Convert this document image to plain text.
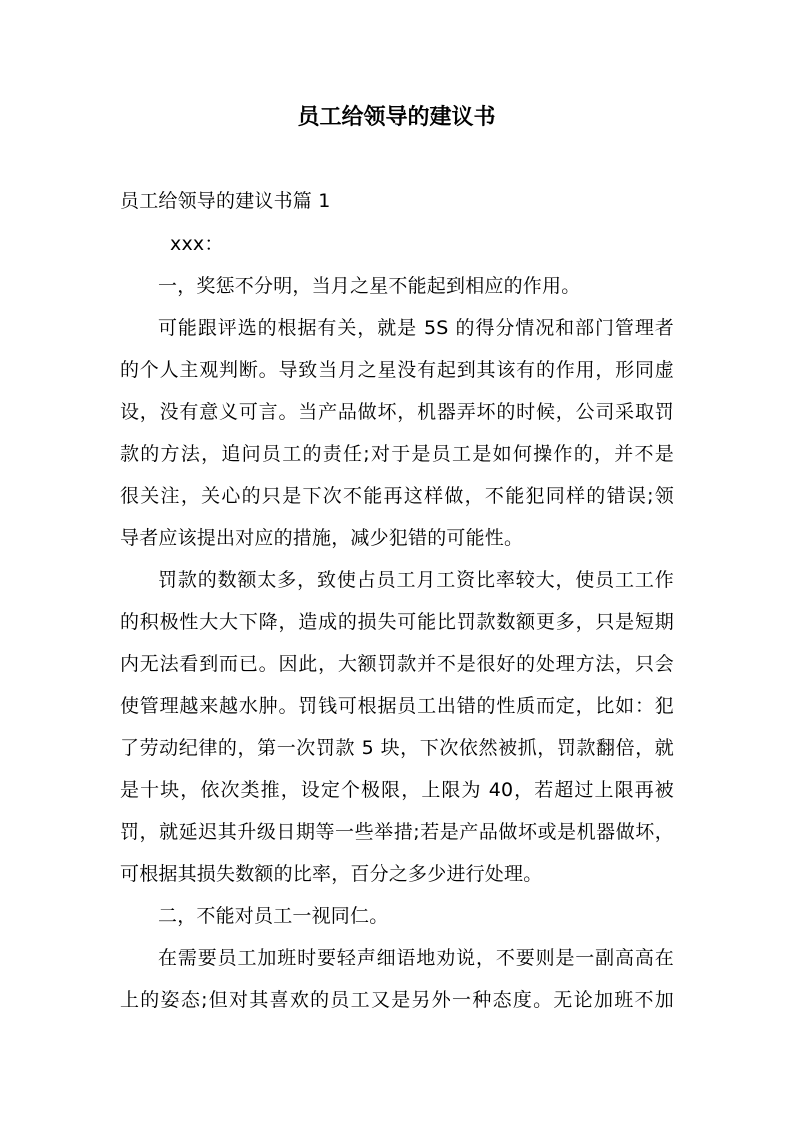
员工给领导的建议书

员工给领导的建议书篇 1

xxx：

一，奖惩不分明，当月之星不能起到相应的作用。

可能跟评选的根据有关，就是 5S 的得分情况和部门管理者

的个人主观判断。导致当月之星没有起到其该有的作用，形同虚

设，没有意义可言。当产品做坏，机器弄坏的时候，公司采取罚

款的方法，追问员工的责任;对于是员工是如何操作的，并不是

很关注，关心的只是下次不能再这样做，不能犯同样的错误;领

导者应该提出对应的措施，减少犯错的可能性。

罚款的数额太多，致使占员工月工资比率较大，使员工工作

的积极性大大下降，造成的损失可能比罚款数额更多，只是短期

内无法看到而已。因此，大额罚款并不是很好的处理方法，只会

使管理越来越水肿。罚钱可根据员工出错的性质而定，比如：犯

了劳动纪律的，第一次罚款 5 块，下次依然被抓，罚款翻倍，就

是十块，依次类推，设定个极限，上限为 40，若超过上限再被

罚，就延迟其升级日期等一些举措;若是产品做坏或是机器做坏，

可根据其损失数额的比率，百分之多少进行处理。

二，不能对员工一视同仁。

在需要员工加班时要轻声细语地劝说，不要则是一副高高在

上的姿态;但对其喜欢的员工又是另外一种态度。无论加班不加
